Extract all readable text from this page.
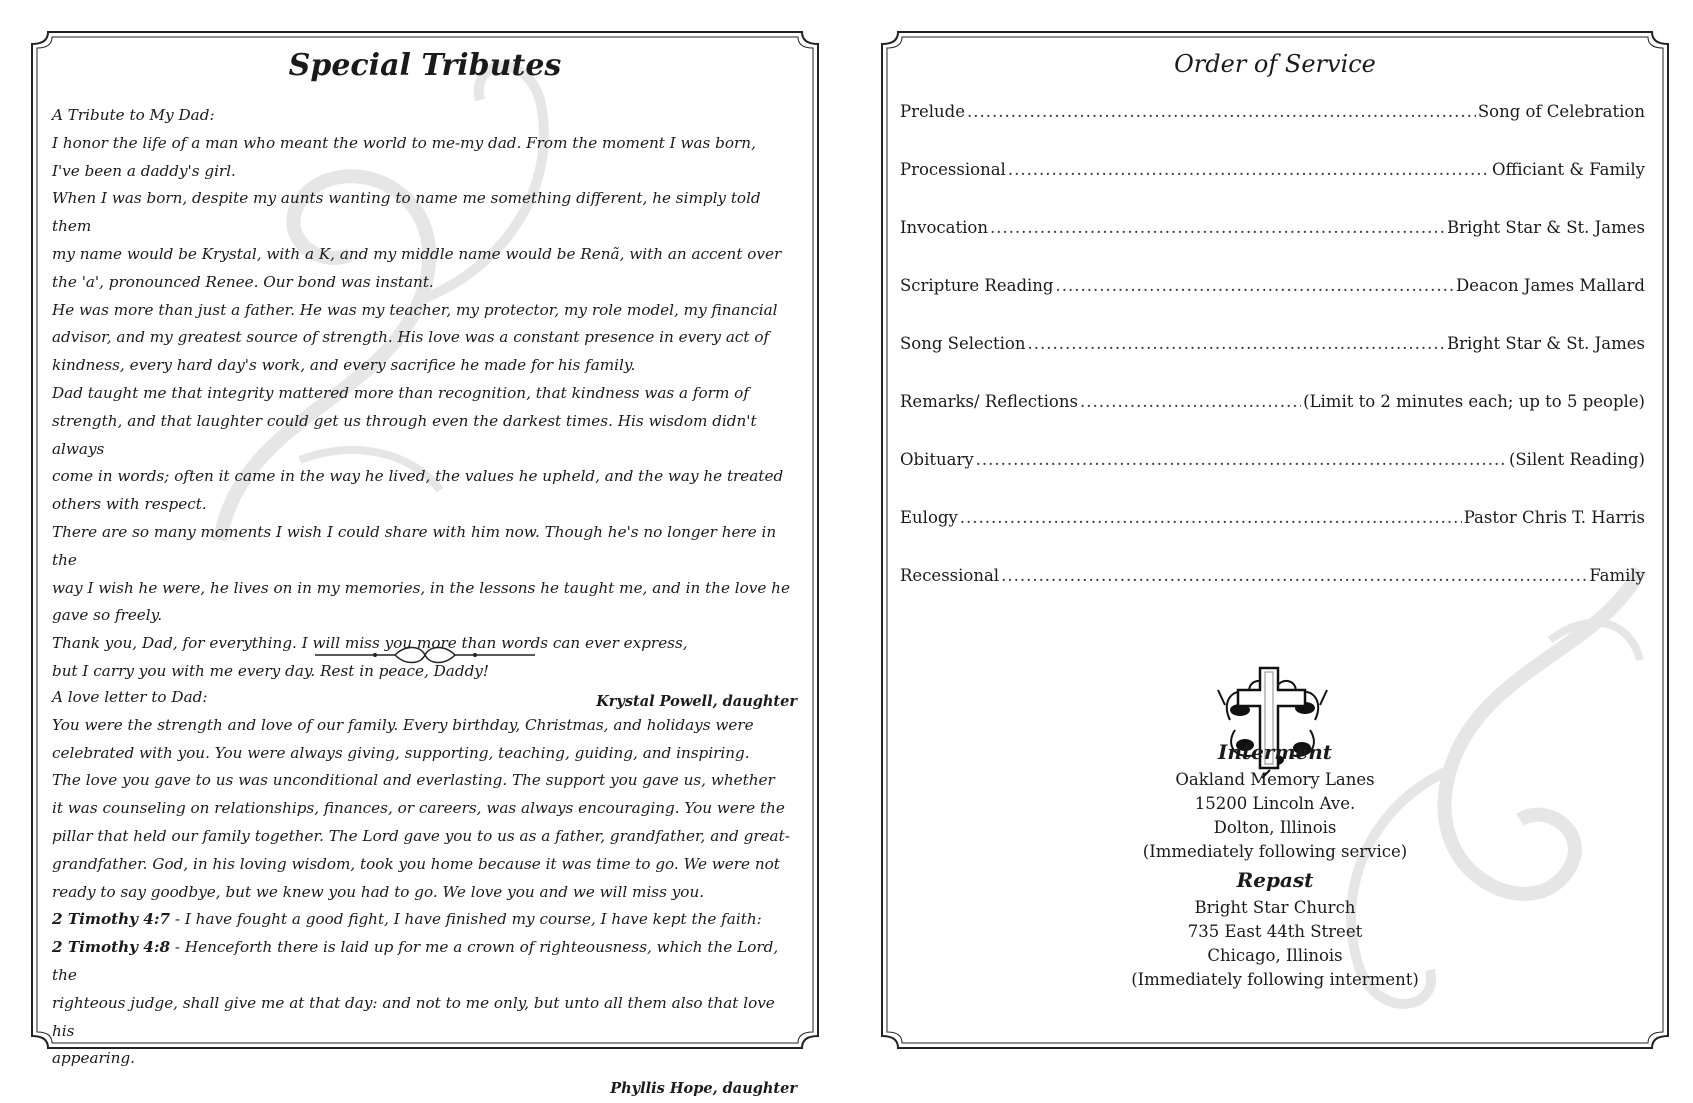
Special Tributes

A Tribute to My Dad:

I honor the life of a man who meant the world to me-my dad. From the moment I was born,

I've been a daddy's girl.

When I was born, despite my aunts wanting to name me something different, he simply told them

my name would be Krystal, with a K, and my middle name would be Renã, with an accent over

the 'a', pronounced Renee. Our bond was instant.

He was more than just a father. He was my teacher, my protector, my role model, my financial

advisor, and my greatest source of strength. His love was a constant presence in every act of

kindness, every hard day's work, and every sacrifice he made for his family.

Dad taught me that integrity mattered more than recognition, that kindness was a form of

strength, and that laughter could get us through even the darkest times. His wisdom didn't always

come in words; often it came in the way he lived, the values he upheld, and the way he treated

others with respect.

There are so many moments I wish I could share with him now. Though he's no longer here in the

way I wish he were, he lives on in my memories, in the lessons he taught me, and in the love he

gave so freely.

Thank you, Dad, for everything. I will miss you more than words can ever express,

but I carry you with me every day. Rest in peace, Daddy!

Krystal Powell, daughter

A love letter to Dad:

You were the strength and love of our family. Every birthday, Christmas, and holidays were

celebrated with you. You were always giving, supporting, teaching, guiding, and inspiring.

The love you gave to us was unconditional and everlasting. The support you gave us, whether

it was counseling on relationships, finances, or careers, was always encouraging. You were the

pillar that held our family together. The Lord gave you to us as a father, grandfather, and great-

grandfather. God, in his loving wisdom, took you home because it was time to go. We were not

ready to say goodbye, but we knew you had to go. We love you and we will miss you.

2 Timothy 4:7 - I have fought a good fight, I have finished my course, I have kept the faith:

2 Timothy 4:8 - Henceforth there is laid up for me a crown of righteousness, which the Lord, the

righteous judge, shall give me at that day: and not to me only, but unto all them also that love his

appearing.

Phyllis Hope, daughter
Order of Service
Prelude .....	Song of Celebration
Processional .....	Officiant & Family
Invocation .....	Bright Star & St. James
Scripture Reading .....	Deacon James Mallard
Song Selection .....	Bright Star & St. James
Remarks/ Reflections .....	(Limit to 2 minutes each; up to 5 people)
Obituary .....	(Silent Reading)
Eulogy .....	Pastor Chris T. Harris
Recessional .....	Family
Interment
Oakland Memory Lanes
15200 Lincoln Ave.
Dolton, Illinois
(Immediately following service)
Repast
Bright Star Church
735 East 44th Street
Chicago, Illinois
(Immediately following interment)
